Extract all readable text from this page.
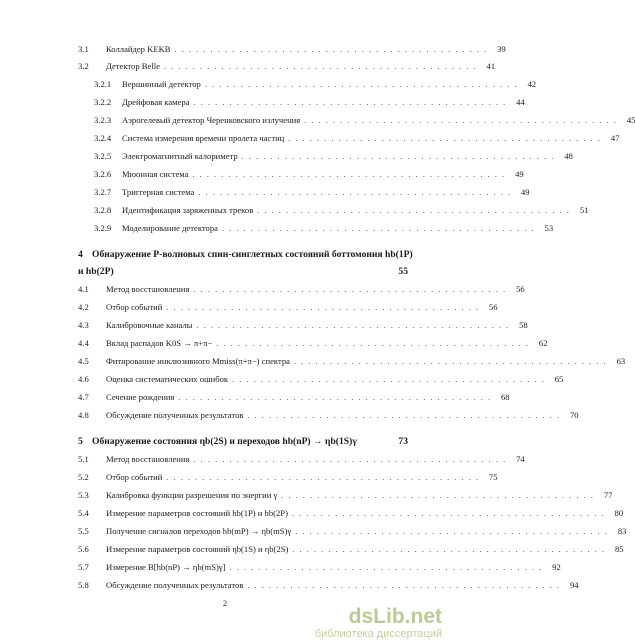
3.1	Коллайдер KEKB . . . . . . . . . . . . . . . . . . . . . . . . . . . . . . . . . . . . . . . . . . . .	39
3.2	Детектор Belle . . . . . . . . . . . . . . . . . . . . . . . . . . . . . . . . . . . . . . . . . . . .	41
3.2.1	Вершинный детектор . . . . . . . . . . . . . . . . . . . . . . . . . . . . . . . . . . . . . . . . . . . .	42
3.2.2	Дрейфовая камера . . . . . . . . . . . . . . . . . . . . . . . . . . . . . . . . . . . . . . . . . . . .	44
3.2.3	Аэрогелевый детектор Черенковского излучения . . . . . . . . . . . . . . . . . . . . . . . . . . . . . . . . . . . . . . . . . . . .	45
3.2.4	Система измерения времени пролета частиц . . . . . . . . . . . . . . . . . . . . . . . . . . . . . . . . . . . . . . . . . . . .	47
3.2.5	Электромагнитный калориметр . . . . . . . . . . . . . . . . . . . . . . . . . . . . . . . . . . . . . . . . . . . .	48
3.2.6	Мюонная система . . . . . . . . . . . . . . . . . . . . . . . . . . . . . . . . . . . . . . . . . . . .	49
3.2.7	Триггерная система . . . . . . . . . . . . . . . . . . . . . . . . . . . . . . . . . . . . . . . . . . . .	49
3.2.8	Идентификация заряженных треков . . . . . . . . . . . . . . . . . . . . . . . . . . . . . . . . . . . . . . . . . . . .	51
3.2.9	Моделирование детектора . . . . . . . . . . . . . . . . . . . . . . . . . . . . . . . . . . . . . . . . . . . .	53
4 Обнаружение P-волновых спин-синглетных состояний боттомония hb(1P)
и hb(2P)	55
4.1	Метод восстановления . . . . . . . . . . . . . . . . . . . . . . . . . . . . . . . . . . . . . . . . . . . .	56
4.2	Отбор событий . . . . . . . . . . . . . . . . . . . . . . . . . . . . . . . . . . . . . . . . . . . .	56
4.3	Калибровочные каналы . . . . . . . . . . . . . . . . . . . . . . . . . . . . . . . . . . . . . . . . . . . .	58
4.4	Вклад распадов K0S → π+π− . . . . . . . . . . . . . . . . . . . . . . . . . . . . . . . . . . . . . . . . . . . .	62
4.5	Фитирование инклюзивного Mmiss(π+π−) спектра . . . . . . . . . . . . . . . . . . . . . . . . . . . . . . . . . . . . . . . . . . . .	63
4.6	Оценка систематических ошибок . . . . . . . . . . . . . . . . . . . . . . . . . . . . . . . . . . . . . . . . . . . .	65
4.7	Сечение рождения . . . . . . . . . . . . . . . . . . . . . . . . . . . . . . . . . . . . . . . . . . . .	68
4.8	Обсуждение полученных результатов . . . . . . . . . . . . . . . . . . . . . . . . . . . . . . . . . . . . . . . . . . . .	70
5 Обнаружение состояния ηb(2S) и переходов hb(nP) → ηb(1S)γ	73
5.1	Метод восстановления . . . . . . . . . . . . . . . . . . . . . . . . . . . . . . . . . . . . . . . . . . . .	74
5.2	Отбор событий . . . . . . . . . . . . . . . . . . . . . . . . . . . . . . . . . . . . . . . . . . . .	75
5.3	Калибровка функции разрешения по энергии γ . . . . . . . . . . . . . . . . . . . . . . . . . . . . . . . . . . . . . . . . . . . .	77
5.4	Измерение параметров состояний hb(1P) и hb(2P) . . . . . . . . . . . . . . . . . . . . . . . . . . . . . . . . . . . . . . . . . . . .	80
5.5	Получение сигналов переходов hb(mP) → ηb(mS)γ . . . . . . . . . . . . . . . . . . . . . . . . . . . . . . . . . . . . . . . . . . . .	83
5.6	Измерение параметров состояний ηb(1S) и ηb(2S) . . . . . . . . . . . . . . . . . . . . . . . . . . . . . . . . . . . . . . . . . . . .	85
5.7	Измерение B[hb(nP) → ηb(mS)γ] . . . . . . . . . . . . . . . . . . . . . . . . . . . . . . . . . . . . . . . . . . . .	92
5.8	Обсуждение полученных результатов . . . . . . . . . . . . . . . . . . . . . . . . . . . . . . . . . . . . . . . . . . . .	94
2
dsLib.net
библиотека диссертаций
